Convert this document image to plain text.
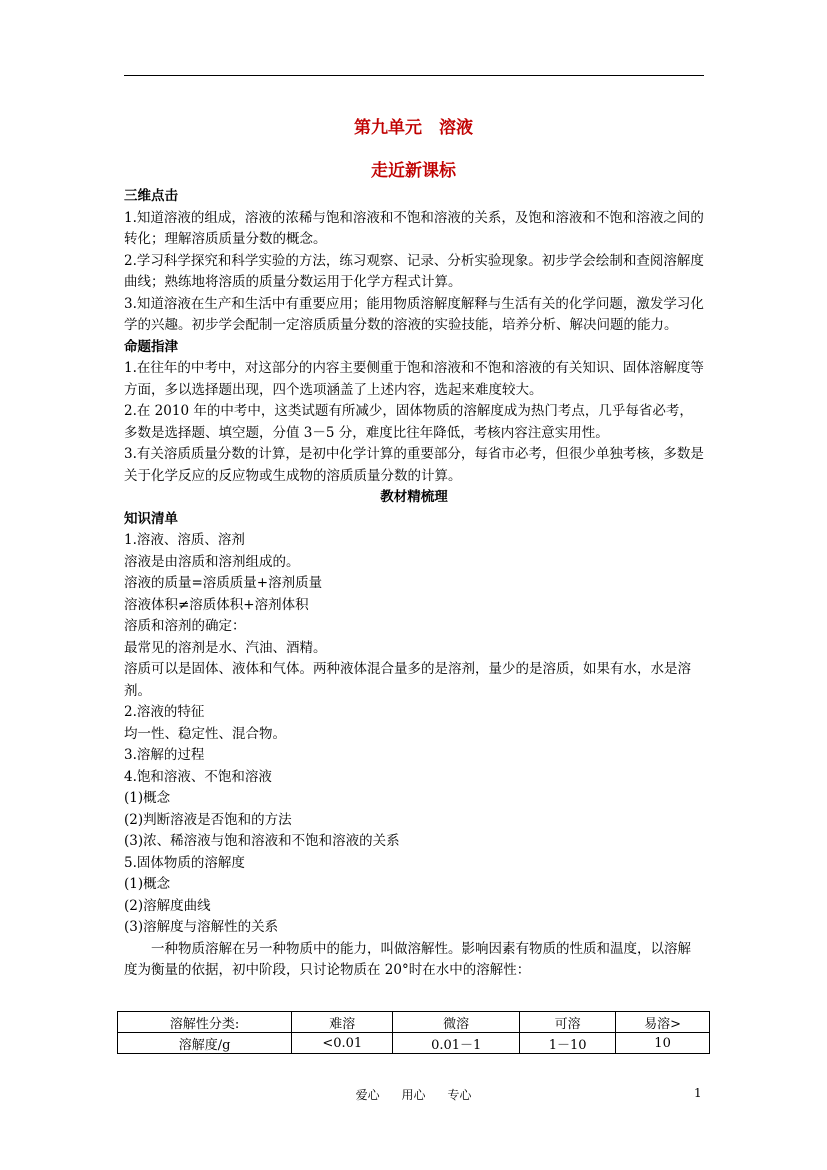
第九单元　溶液
走近新课标

三维点击

1.知道溶液的组成，溶液的浓稀与饱和溶液和不饱和溶液的关系，及饱和溶液和不饱和溶液之间的转化；理解溶质质量分数的概念。

2.学习科学探究和科学实验的方法，练习观察、记录、分析实验现象。初步学会绘制和查阅溶解度曲线；熟练地将溶质的质量分数运用于化学方程式计算。

3.知道溶液在生产和生活中有重要应用；能用物质溶解度解释与生活有关的化学问题，激发学习化学的兴趣。初步学会配制一定溶质质量分数的溶液的实验技能，培养分析、解决问题的能力。

命题指津

1.在往年的中考中，对这部分的内容主要侧重于饱和溶液和不饱和溶液的有关知识、固体溶解度等方面，多以选择题出现，四个选项涵盖了上述内容，选起来难度较大。

2.在 2010 年的中考中，这类试题有所减少，固体物质的溶解度成为热门考点，几乎每省必考，多数是选择题、填空题，分值 3－5 分，难度比往年降低，考核内容注意实用性。

3.有关溶质质量分数的计算，是初中化学计算的重要部分，每省市必考，但很少单独考核，多数是关于化学反应的反应物或生成物的溶质质量分数的计算。

教材精梳理

知识清单

1.溶液、溶质、溶剂

溶液是由溶质和溶剂组成的。

溶液的质量=溶质质量+溶剂质量

溶液体积≠溶质体积+溶剂体积

溶质和溶剂的确定：

最常见的溶剂是水、汽油、酒精。

溶质可以是固体、液体和气体。两种液体混合量多的是溶剂，量少的是溶质，如果有水，水是溶剂。

2.溶液的特征

均一性、稳定性、混合物。

3.溶解的过程

4.饱和溶液、不饱和溶液

(1)概念

(2)判断溶液是否饱和的方法

(3)浓、稀溶液与饱和溶液和不饱和溶液的关系

5.固体物质的溶解度

(1)概念

(2)溶解度曲线

(3)溶解度与溶解性的关系

一种物质溶解在另一种物质中的能力，叫做溶解性。影响因素有物质的性质和温度，以溶解度为衡量的依据，初中阶段，只讨论物质在 20°时在水中的溶解性：

溶解性分类:	难溶	微溶	可溶	易溶>
溶解度/g	<0.01	0.01－1	1－10	10
爱心 用心 专心	1
